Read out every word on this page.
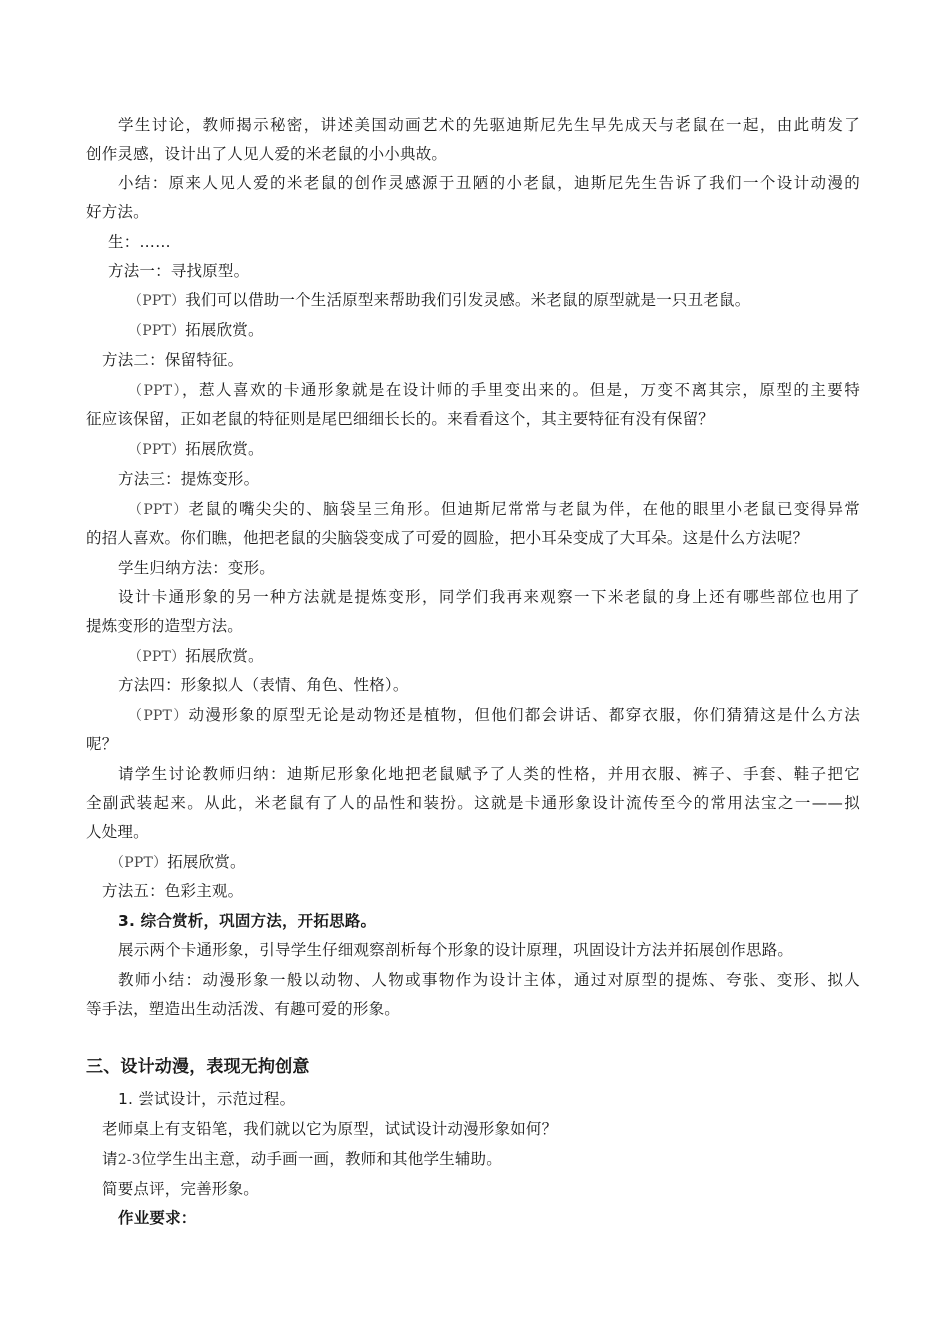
学生讨论，教师揭示秘密，讲述美国动画艺术的先驱迪斯尼先生早先成天与老鼠在一起，由此萌发了

创作灵感，设计出了人见人爱的米老鼠的小小典故。

小结：原来人见人爱的米老鼠的创作灵感源于丑陋的小老鼠，迪斯尼先生告诉了我们一个设计动漫的

好方法。

生：……

方法一：寻找原型。

（PPT）我们可以借助一个生活原型来帮助我们引发灵感。米老鼠的原型就是一只丑老鼠。

（PPT）拓展欣赏。

方法二：保留特征。

（PPT），惹人喜欢的卡通形象就是在设计师的手里变出来的。但是，万变不离其宗，原型的主要特

征应该保留，正如老鼠的特征则是尾巴细细长长的。来看看这个，其主要特征有没有保留？

（PPT）拓展欣赏。

方法三：提炼变形。

（PPT）老鼠的嘴尖尖的、脑袋呈三角形。但迪斯尼常常与老鼠为伴，在他的眼里小老鼠已变得异常

的招人喜欢。你们瞧，他把老鼠的尖脑袋变成了可爱的圆脸，把小耳朵变成了大耳朵。这是什么方法呢？

学生归纳方法：变形。

设计卡通形象的另一种方法就是提炼变形，同学们我再来观察一下米老鼠的身上还有哪些部位也用了

提炼变形的造型方法。

（PPT）拓展欣赏。

方法四：形象拟人（表情、角色、性格）。

（PPT）动漫形象的原型无论是动物还是植物，但他们都会讲话、都穿衣服，你们猜猜这是什么方法

呢？

请学生讨论教师归纳：迪斯尼形象化地把老鼠赋予了人类的性格，并用衣服、裤子、手套、鞋子把它

全副武装起来。从此，米老鼠有了人的品性和装扮。这就是卡通形象设计流传至今的常用法宝之一——拟

人处理。

（PPT）拓展欣赏。

方法五：色彩主观。

3. 综合赏析，巩固方法，开拓思路。

展示两个卡通形象，引导学生仔细观察剖析每个形象的设计原理，巩固设计方法并拓展创作思路。

教师小结：动漫形象一般以动物、人物或事物作为设计主体，通过对原型的提炼、夸张、变形、拟人

等手法，塑造出生动活泼、有趣可爱的形象。

三、设计动漫，表现无拘创意

1. 尝试设计，示范过程。

老师桌上有支铅笔，我们就以它为原型，试试设计动漫形象如何？

请2-3位学生出主意，动手画一画，教师和其他学生辅助。

简要点评，完善形象。

作业要求：
